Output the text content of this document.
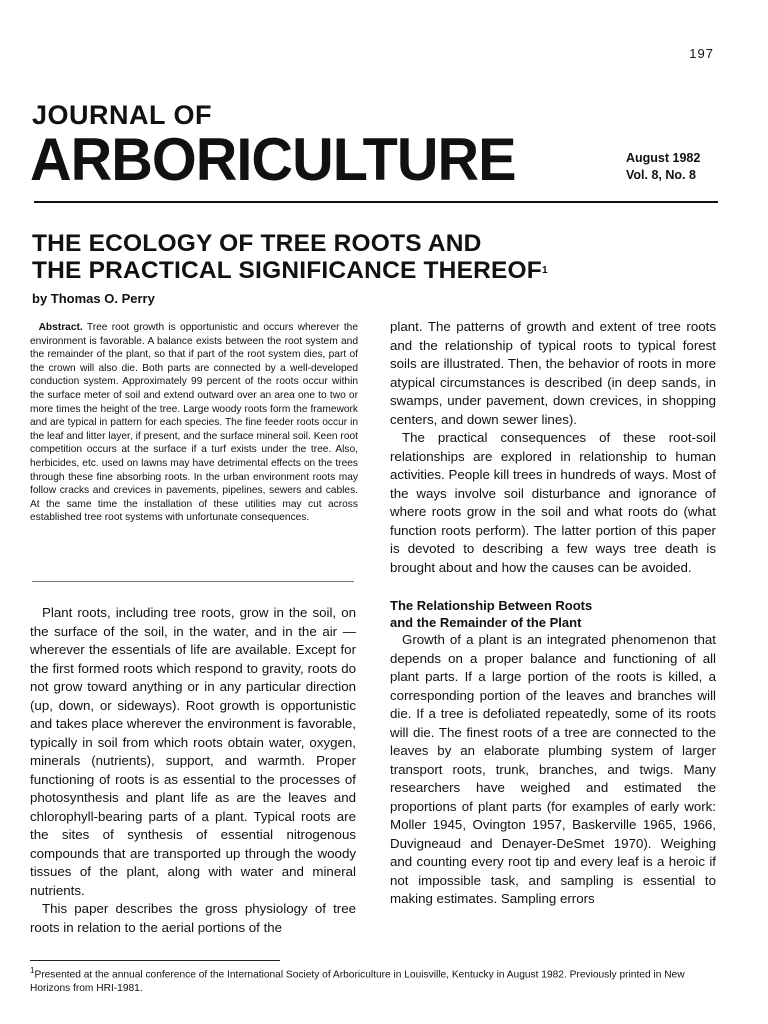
197
JOURNAL OF
ARBORICULTURE	August 1982
Vol. 8, No. 8
THE ECOLOGY OF TREE ROOTS AND
THE PRACTICAL SIGNIFICANCE THEREOF$^1$
by Thomas O. Perry

Abstract. Tree root growth is opportunistic and occurs wherever the environment is favorable. A balance exists between the root system and the remainder of the plant, so that if part of the root system dies, part of the crown will also die. Both parts are connected by a well-developed conduction system. Approximately 99 percent of the roots occur within the surface meter of soil and extend outward over an area one to two or more times the height of the tree. Large woody roots form the framework and are typical in pattern for each species. The fine feeder roots occur in the leaf and litter layer, if present, and the surface mineral soil. Keen root competition occurs at the surface if a turf exists under the tree. Also, herbicides, etc. used on lawns may have detrimental effects on the trees through these fine absorbing roots. In the urban environment roots may follow cracks and crevices in pavements, pipelines, sewers and cables. At the same time the installation of these utilities may cut across established tree root systems with unfortunate consequences.

Plant roots, including tree roots, grow in the soil, on the surface of the soil, in the water, and in the air — wherever the essentials of life are available. Except for the first formed roots which respond to gravity, roots do not grow toward anything or in any particular direction (up, down, or sideways). Root growth is opportunistic and takes place wherever the environment is favorable, typically in soil from which roots obtain water, oxygen, minerals (nutrients), support, and warmth. Proper functioning of roots is as essential to the processes of photosynthesis and plant life as are the leaves and chlorophyll-bearing parts of a plant. Typical roots are the sites of synthesis of essential nitrogenous compounds that are transported up through the woody tissues of the plant, along with water and mineral nutrients.

This paper describes the gross physiology of tree roots in relation to the aerial portions of the

plant. The patterns of growth and extent of tree roots and the relationship of typical roots to typical forest soils are illustrated. Then, the behavior of roots in more atypical circumstances is described (in deep sands, in swamps, under pavement, down crevices, in shopping centers, and down sewer lines).

The practical consequences of these root-soil relationships are explored in relationship to human activities. People kill trees in hundreds of ways. Most of the ways involve soil disturbance and ignorance of where roots grow in the soil and what roots do (what function roots perform). The latter portion of this paper is devoted to describing a few ways tree death is brought about and how the causes can be avoided.

The Relationship Between Roots
and the Remainder of the Plant

Growth of a plant is an integrated phenomenon that depends on a proper balance and functioning of all plant parts. If a large portion of the roots is killed, a corresponding portion of the leaves and branches will die. If a tree is defoliated repeatedly, some of its roots will die. The finest roots of a tree are connected to the leaves by an elaborate plumbing system of larger transport roots, trunk, branches, and twigs. Many researchers have weighed and estimated the proportions of plant parts (for examples of early work: Moller 1945, Ovington 1957, Baskerville 1965, 1966, Duvigneaud and Denayer-DeSmet 1970). Weighing and counting every root tip and every leaf is a heroic if not impossible task, and sampling is essential to making estimates. Sampling errors

$^1$Presented at the annual conference of the International Society of Arboriculture in Louisville, Kentucky in August 1982. Previously printed in New Horizons from HRI-1981.
